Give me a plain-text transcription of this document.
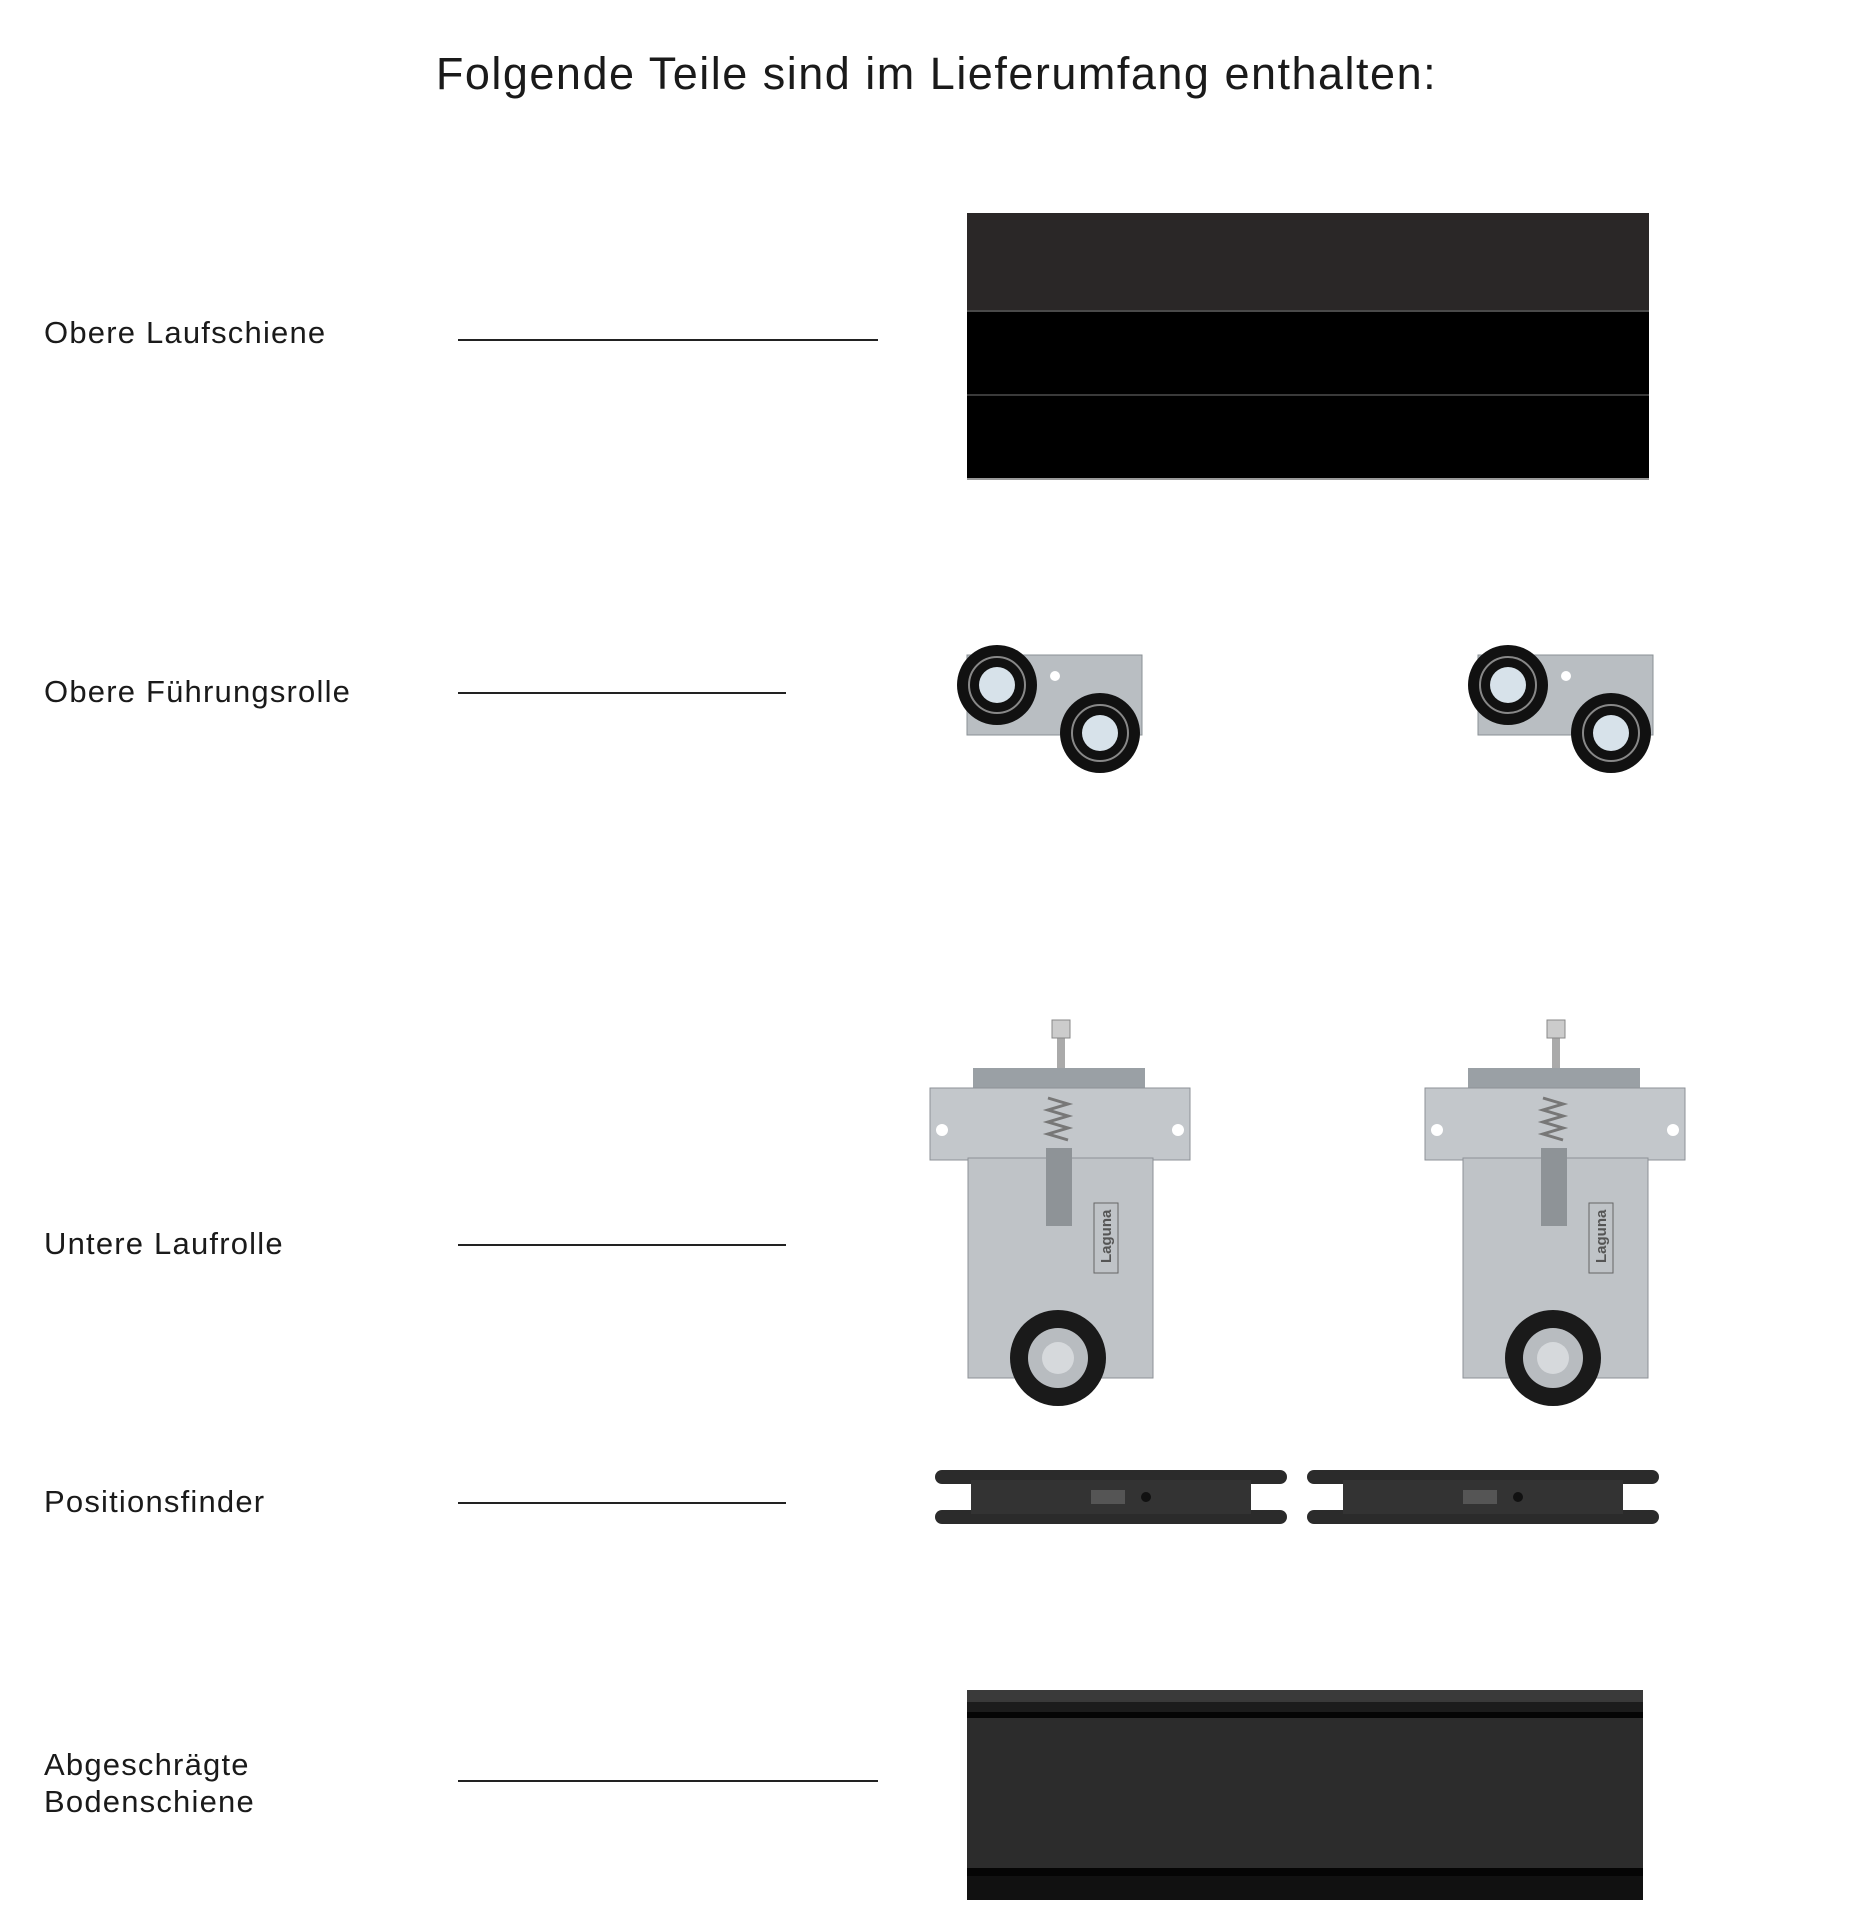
Folgende Teile sind im Lieferumfang enthalten:
Obere Laufschiene
Obere Führungsrolle
Untere Laufrolle	Laguna	Laguna
Positionsfinder
Abgeschrägte
Bodenschiene
